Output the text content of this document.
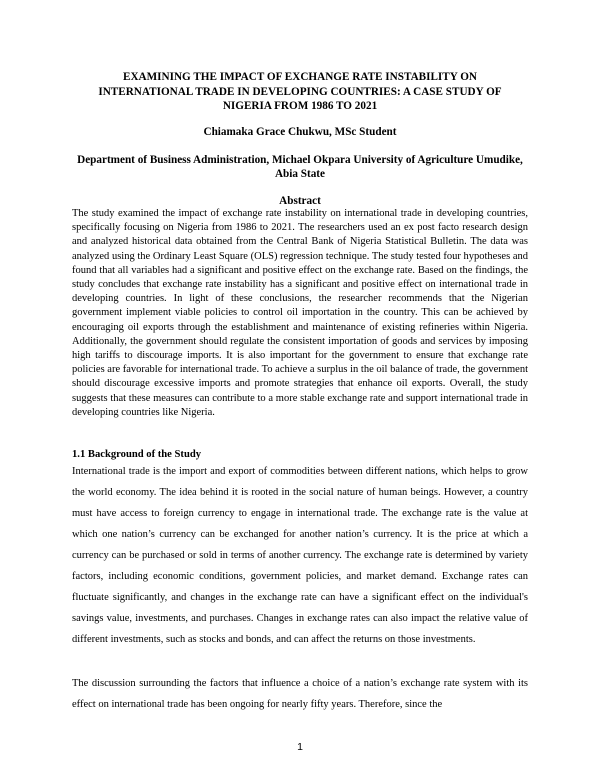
EXAMINING THE IMPACT OF EXCHANGE RATE INSTABILITY ON INTERNATIONAL TRADE IN DEVELOPING COUNTRIES: A CASE STUDY OF NIGERIA FROM 1986 TO 2021

Chiamaka Grace Chukwu, MSc Student

Department of Business Administration, Michael Okpara University of Agriculture Umudike, Abia State

Abstract

The study examined the impact of exchange rate instability on international trade in developing countries, specifically focusing on Nigeria from 1986 to 2021. The researchers used an ex post facto research design and analyzed historical data obtained from the Central Bank of Nigeria Statistical Bulletin. The data was analyzed using the Ordinary Least Square (OLS) regression technique. The study tested four hypotheses and found that all variables had a significant and positive effect on the exchange rate. Based on the findings, the study concludes that exchange rate instability has a significant and positive effect on international trade in developing countries. In light of these conclusions, the researcher recommends that the Nigerian government implement viable policies to control oil importation in the country. This can be achieved by encouraging oil exports through the establishment and maintenance of existing refineries within Nigeria. Additionally, the government should regulate the consistent importation of goods and services by imposing high tariffs to discourage imports. It is also important for the government to ensure that exchange rate policies are favorable for international trade. To achieve a surplus in the oil balance of trade, the government should discourage excessive imports and promote strategies that enhance oil exports. Overall, the study suggests that these measures can contribute to a more stable exchange rate and support international trade in developing countries like Nigeria.

1.1 Background of the Study

International trade is the import and export of commodities between different nations, which helps to grow the world economy. The idea behind it is rooted in the social nature of human beings. However, a country must have access to foreign currency to engage in international trade. The exchange rate is the value at which one nation’s currency can be exchanged for another nation’s currency. It is the price at which a currency can be purchased or sold in terms of another currency. The exchange rate is determined by variety factors, including economic conditions, government policies, and market demand. Exchange rates can fluctuate significantly, and changes in the exchange rate can have a significant effect on the individual's savings value, investments, and purchases. Changes in exchange rates can also impact the relative value of different investments, such as stocks and bonds, and can affect the returns on those investments.

The discussion surrounding the factors that influence a choice of a nation’s exchange rate system with its effect on international trade has been ongoing for nearly fifty years. Therefore, since the

1
